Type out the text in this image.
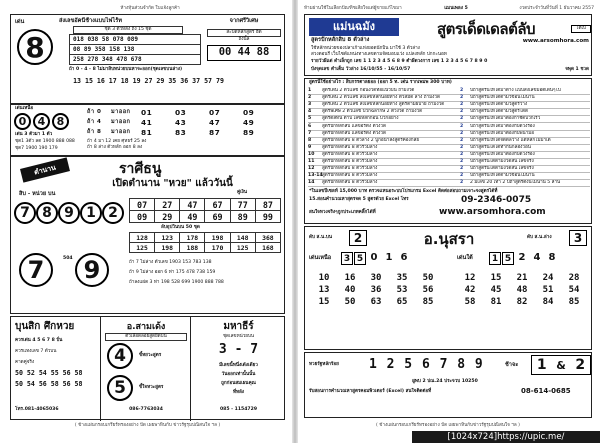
ห้างหุ้นส่วนจำกัด ใบแจ้งลูกค้า
เด่น
8
ส่งเลขอัคนีช้างแบบไฟไร้ท
ชุด 3 ตัวหลัง ถึง 15 ชุด
018 038 58 078 089
08 89 358 158 138
258 278 348 478 678
จากศรีวิเศษ
สะบดหลักสูตร ฮิต
ถึงนี้ล
00 44 88
ถ้า 0 - 4 - 8 ไม่มาสิบหน่วยบนหาจะออก(ชุดเลขบนล่าง)
13 15 16 17 18 19 27 29 35 36 37 57 79
เด่นเหนือ
0	4	8
เด่น 3 ตัวมา 1 ตัว
ชุด1 3ตัว ลต 1900 888 088
ชุด7 1900 190 179
ถ้า 0	มาออก	01	03	07	09
ถ้า 4	มาออก	41	43	47	49
ถ้า 8	มาออก	81	83	87	89
ถ้า 4 มา 12 เคย ศุหธร์ 25 ลง
ถ้า 8 ล่าง ตัวหลัก ออก 8 ลง
ตำนาน	ราศีธนู
เปิดตำนาน "หวย" แล้ววันนี้
คู่เงิน
สิบ - หน่วย บน
7 8 9 1 2
07	27	47	67	77	87
09	29	49	69	89	99
ลับอุปวินบน 50 ชุด
128	123	178	198	148	368
125	198	188	170	125	168
7	504 9	ถ้า 7 ไม่ล่าง ตัวเลข 1903 153 783 138
ถ้า 9 ไม่ล่าง ออก 6 ท่า 175 478 738 159
ถ้าลงแฝด 3 ท่า 198 528 699 1900 888 788
บุนสิก ศึกหวย
ควรเด่น 4 5 6 7 8 ปั่น
ควรแทงเลข 7 ตัวบน
คาดคู่จริง
50 52 54 55 56 58
50 54 56 58 56 58
โทร.081-4065036
อ.สามเด้ง
ตัวเลือดลอยสูตยึดบน
4	ขี้หยวะสูตร
5	ขี้ใจหวะสูตร
086-7763034
มหาธีร์
ชุดเลขหน่วยบน
3 - 7
มีเลขนี้หนึ่งเด้งเดียว
วันออกเท่านั้นนั้น
ถูกก่อนสมเผนคุณ
ที่หลัง
085 - 1154729
( ข้างแผ่นกรอบเกรียร์ทรองอย่าง ปัด เผยพาหินกับ ข่าวรัฐรุมปณิสนใจ ฯล )
ห้ามผ่านใช้ในเลือกปัณฑิชเสียใจแต่ผู้ขายแก้ไขมา	แมนเพลง 5	งวดประจำวันที่วันที่ 1 ธันวาคม 2557
แม่นฉมัง	สูตรเด็ดเดลต์ลับ	โต้เบ
สูตรปักหลักสิบ 8 ตัวล่าง	www.arsomhora.com
ใช้หลักหน่วยของปลาเก้าแห่งยอดนักบิน มาใช้ 3 ตัวล่าง
สวงตอนรี เว็บไซด์แหน่งทางเลขตามจัดมอบแว่ง แปลงหลัก ปกกะนอท
รายวัวผีแด่ ดำเล็กถูก เลข 1 1 2 3 4 5 6 8 9 ตำผีดวงการ เลข 1 2 3 4 5 6 7 8 9 0
บังจุดเลข ตำเต็ม วัวล่าง 16/10/55 - 16/10/57	จพุด 1 ชวด
สูตรนี้ใช้อย่างไร : สิบกรรตาลยออ (ออก 5 ท. เด่น รากเพมพ 300 บาท)
1	สูตรเด่น 2 ตัวแลข้ ก่อนงวดทื้อแน้วบน ถ้ามีงวด	2	ปีถ้าสูตรนี้ให้ได้มาต่าง แบบส่งเลขมอต์เด่นๆโป
2	สูตรเด่น 2 ตัวแลข้ ส่งเลขหลักนอยท่าง ตัวสมัด ล่าง ถ้ามีงวด	2	ปีถ้าสูตรนี้ให้ได้ตามว์ข้อนี้ไม่นาน
3	สูตรเด่น 2 ตัวแลข้ ส่งเลขหลักนอยท่าง สูตรตามผบาย ถ้ามีงวด	2	ปีถ้าสูตรนี้ให้ได้ตามว์สูตรว่าง
4	สูตรพิเศษ 2 ตัวแลข้ บวกฉลากษ 2 ตัวงวด ถ้ามีงวด	2	ปีถ้าสูตรนี้ให้ได้ตามว์สูตรไต่ต
5	สูตรตีลัทน์ ตำบ เลขหลักก่อน บวกอย่าง	2	ปีถ้าสูตรนี้ให้ได้มาต้องกำชัดบวกเร็ว
6	สูตรปักหลักสิบ แลขอรีดัง ตัวงวด	2	ปีถ้าสูตรนี้ให้ได้มาต้องกับดวงรอง
7	สูตรปักหลักสิบ แลขอรีดัง ตัวงวด	2	ปีถ้าสูตรนี้ให้ได้มาต้องกับพนามอ
8	สูตรปักหลักสิบ 8 ตัวล่าง 2 บูกอนำลังสูตรค่องกลัย	2	ปีถ้าสูตรนี้ให้ได้จิตตลว่าง แต่หลักไม่มาเต
9	สูตรปักหลักสิบ 8 ตัวรวมล่าง	2	ปีถ้าสูตรนี้ได้ได้ทำกันกลอังวอน
10	สูตรปักหลักสิบ 8 ตัวรวมล่าง	2	ปีถ้าสูตรนี้ให้ได้มาต้องกับดวงรอง
11	สูตรปักหลักสิบ 8 ตัวรวมล่าง	2	ปีถ้าสูตรนี้ได้ตามงวดสิ้น เลขจริง
12	สูตรปักหลักสิบ 8 ตัวรวมล่าง	2	ปีถ้าสูตรนี้ได้ตามงวดสิ้น เลขจริง
13-14 สูตรปักหลักสิบ 8 ตัวรวมล่าง	2	ปีถ้าสูตรนี้ให้ได้ตามว์ข้อนี้ไม่นาน
14	สูตรปักหลักสิบ 8 ตัวรวมล่าง	2	2 มีเลข 20 เท่า 2 ปีถ้าสูตรดังนี้ไม่นาน 5 ล้าน
*ในเลขปีเซลท์ 15,000 บาท ตรวจแหนอระบบโปรแกรม Excel ติดต่อสอบถามเจาะจงสูตรได้ที่
15.สอนคำนวณหาสุตรจด 5 สูตรด้วย Excel โทร	09-2346-0075
สนใจหวงจริงๆกูกประเภทคลิ๊กได้ที่	www.arsomhora.com
ดับ ส.น.บน	2	อ.นุสรา	ดับ ส.น.ล่าง	3
เด่นเหนือ	3 5 0 1 6
10	16	30	35	50
13	40	36	53	56
15	50	63	65	85
เด่นใต้	1 5 2 4 8
12	15	21	24	28
42	45	48	51	54
58	81	82	84	85
หวยรัฐหลักร้อย 1 2 5 6 7 8 9	ช้าจะ 1 & 2
ผูพบ 2 ปณ.24 ประจวบ 10250
รับสอนการคำนวณหาสูตรคอมพิวเตอร์ (Excel) สนใจติดต่อที่	08-614-0685
( ข้างแผ่นกรอบเกรียร์ทรองอย่าง ปัด เผยพาหินกับข่าวรัฐรุมปณิสนใจ ฯล )
[1024x724]https://upic.me/
